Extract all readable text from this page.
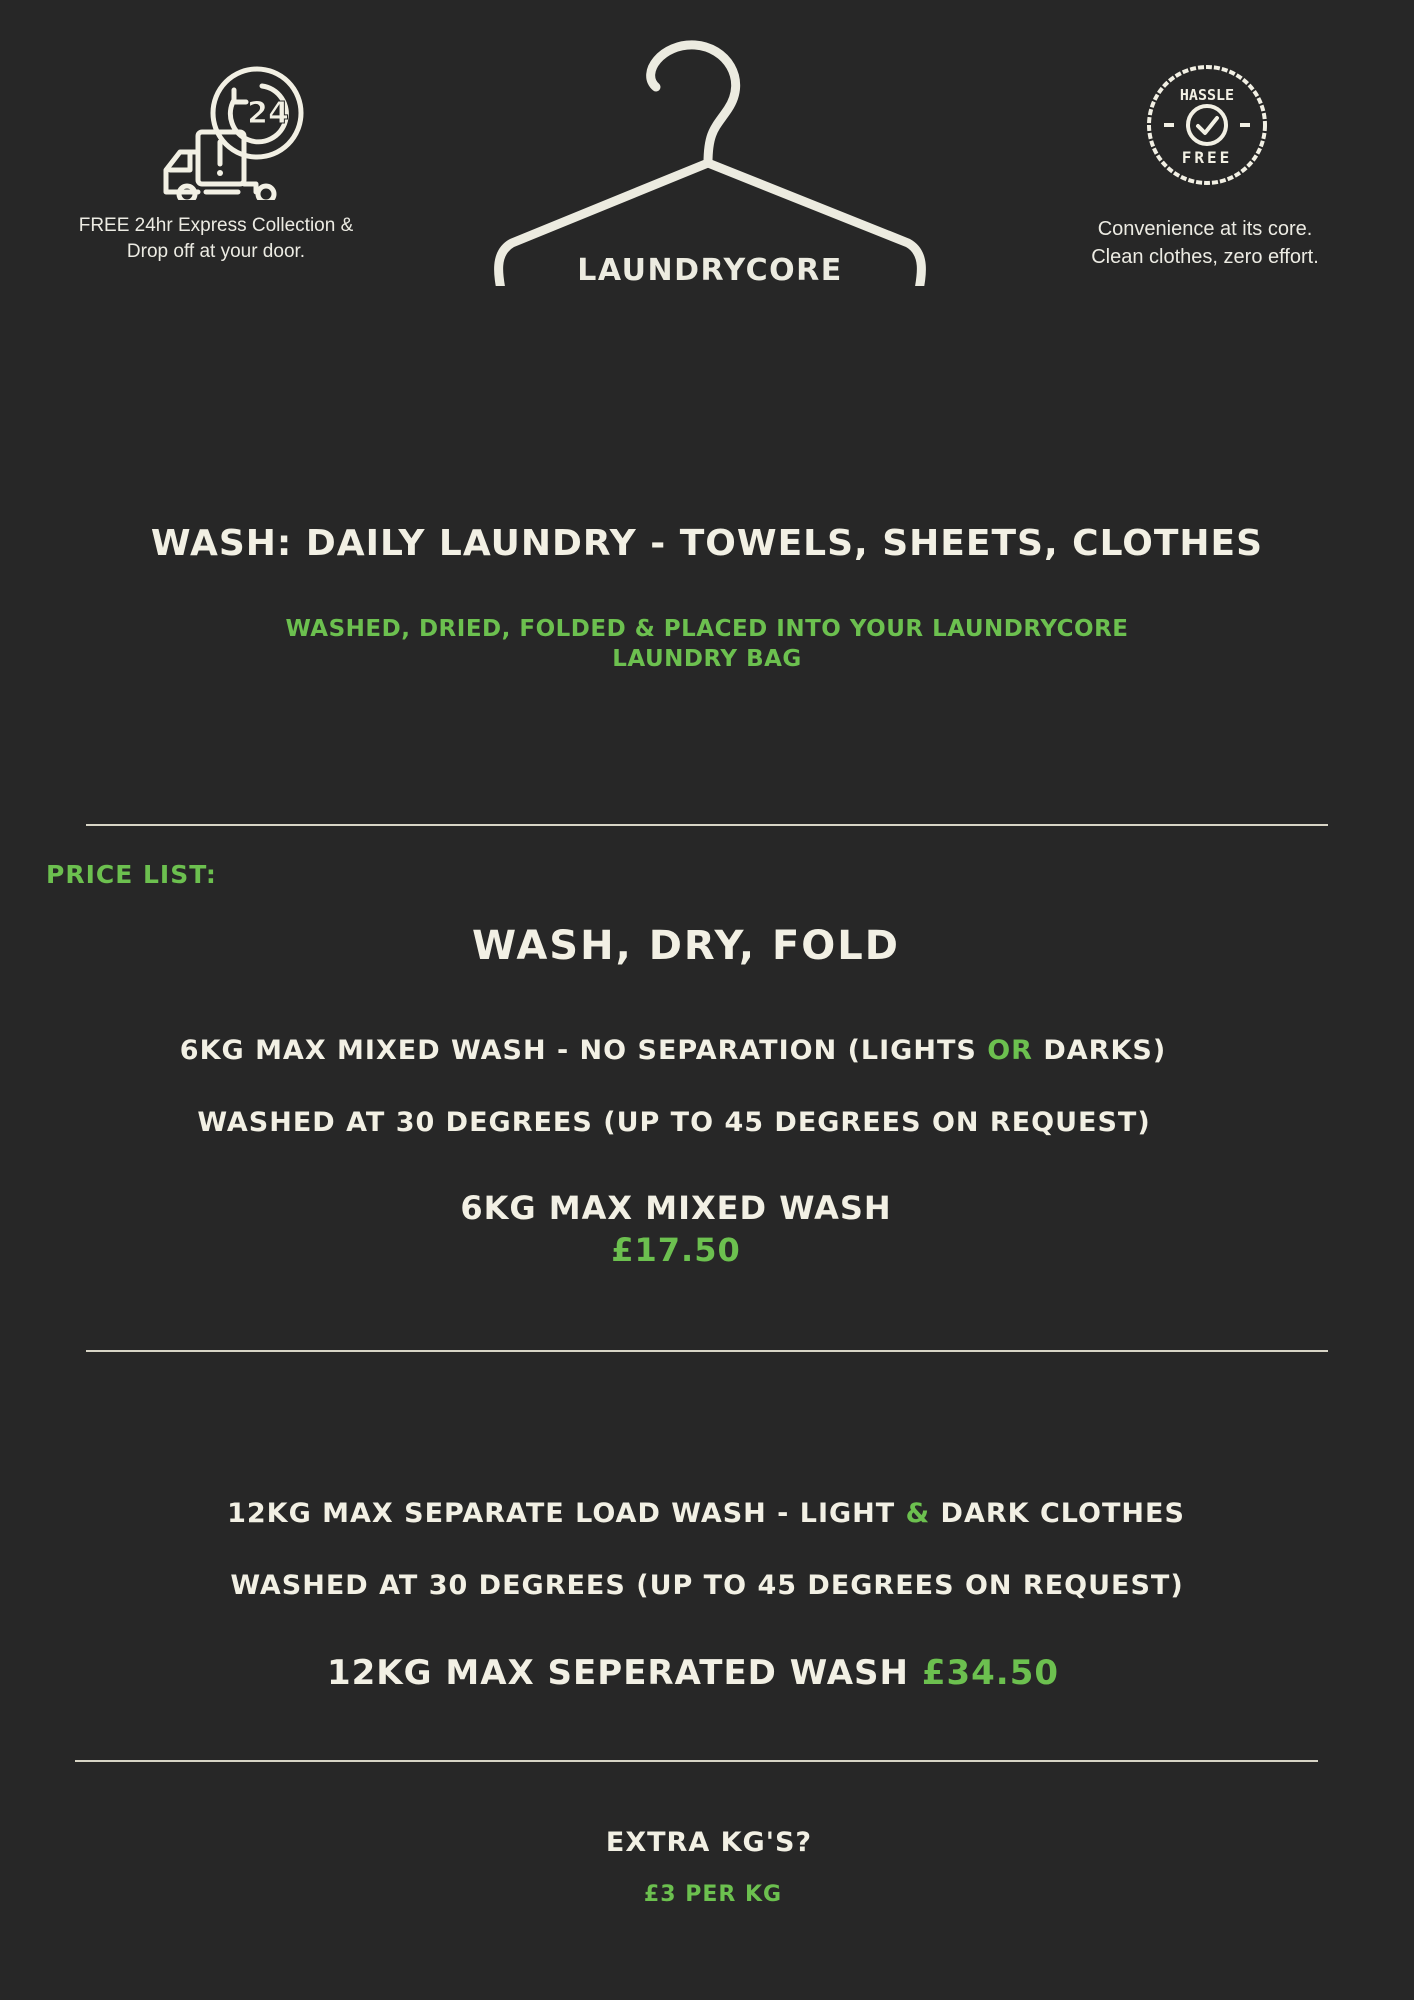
24
FREE 24hr Express Collection &
Drop off at your door.
LAUNDRYCORE
HASSLE
FREE
Convenience at its core.
Clean clothes, zero effort.
WASH: DAILY LAUNDRY - TOWELS, SHEETS, CLOTHES
WASHED, DRIED, FOLDED & PLACED INTO YOUR LAUNDRYCORE
LAUNDRY BAG
PRICE LIST:
WASH, DRY, FOLD
6KG MAX MIXED WASH - NO SEPARATION (LIGHTS OR DARKS)
WASHED AT 30 DEGREES (UP TO 45 DEGREES ON REQUEST)
6KG MAX MIXED WASH
£17.50
12KG MAX SEPARATE LOAD WASH - LIGHT & DARK CLOTHES
WASHED AT 30 DEGREES (UP TO 45 DEGREES ON REQUEST)
12KG MAX SEPERATED WASH £34.50
EXTRA KG'S?
£3 PER KG
